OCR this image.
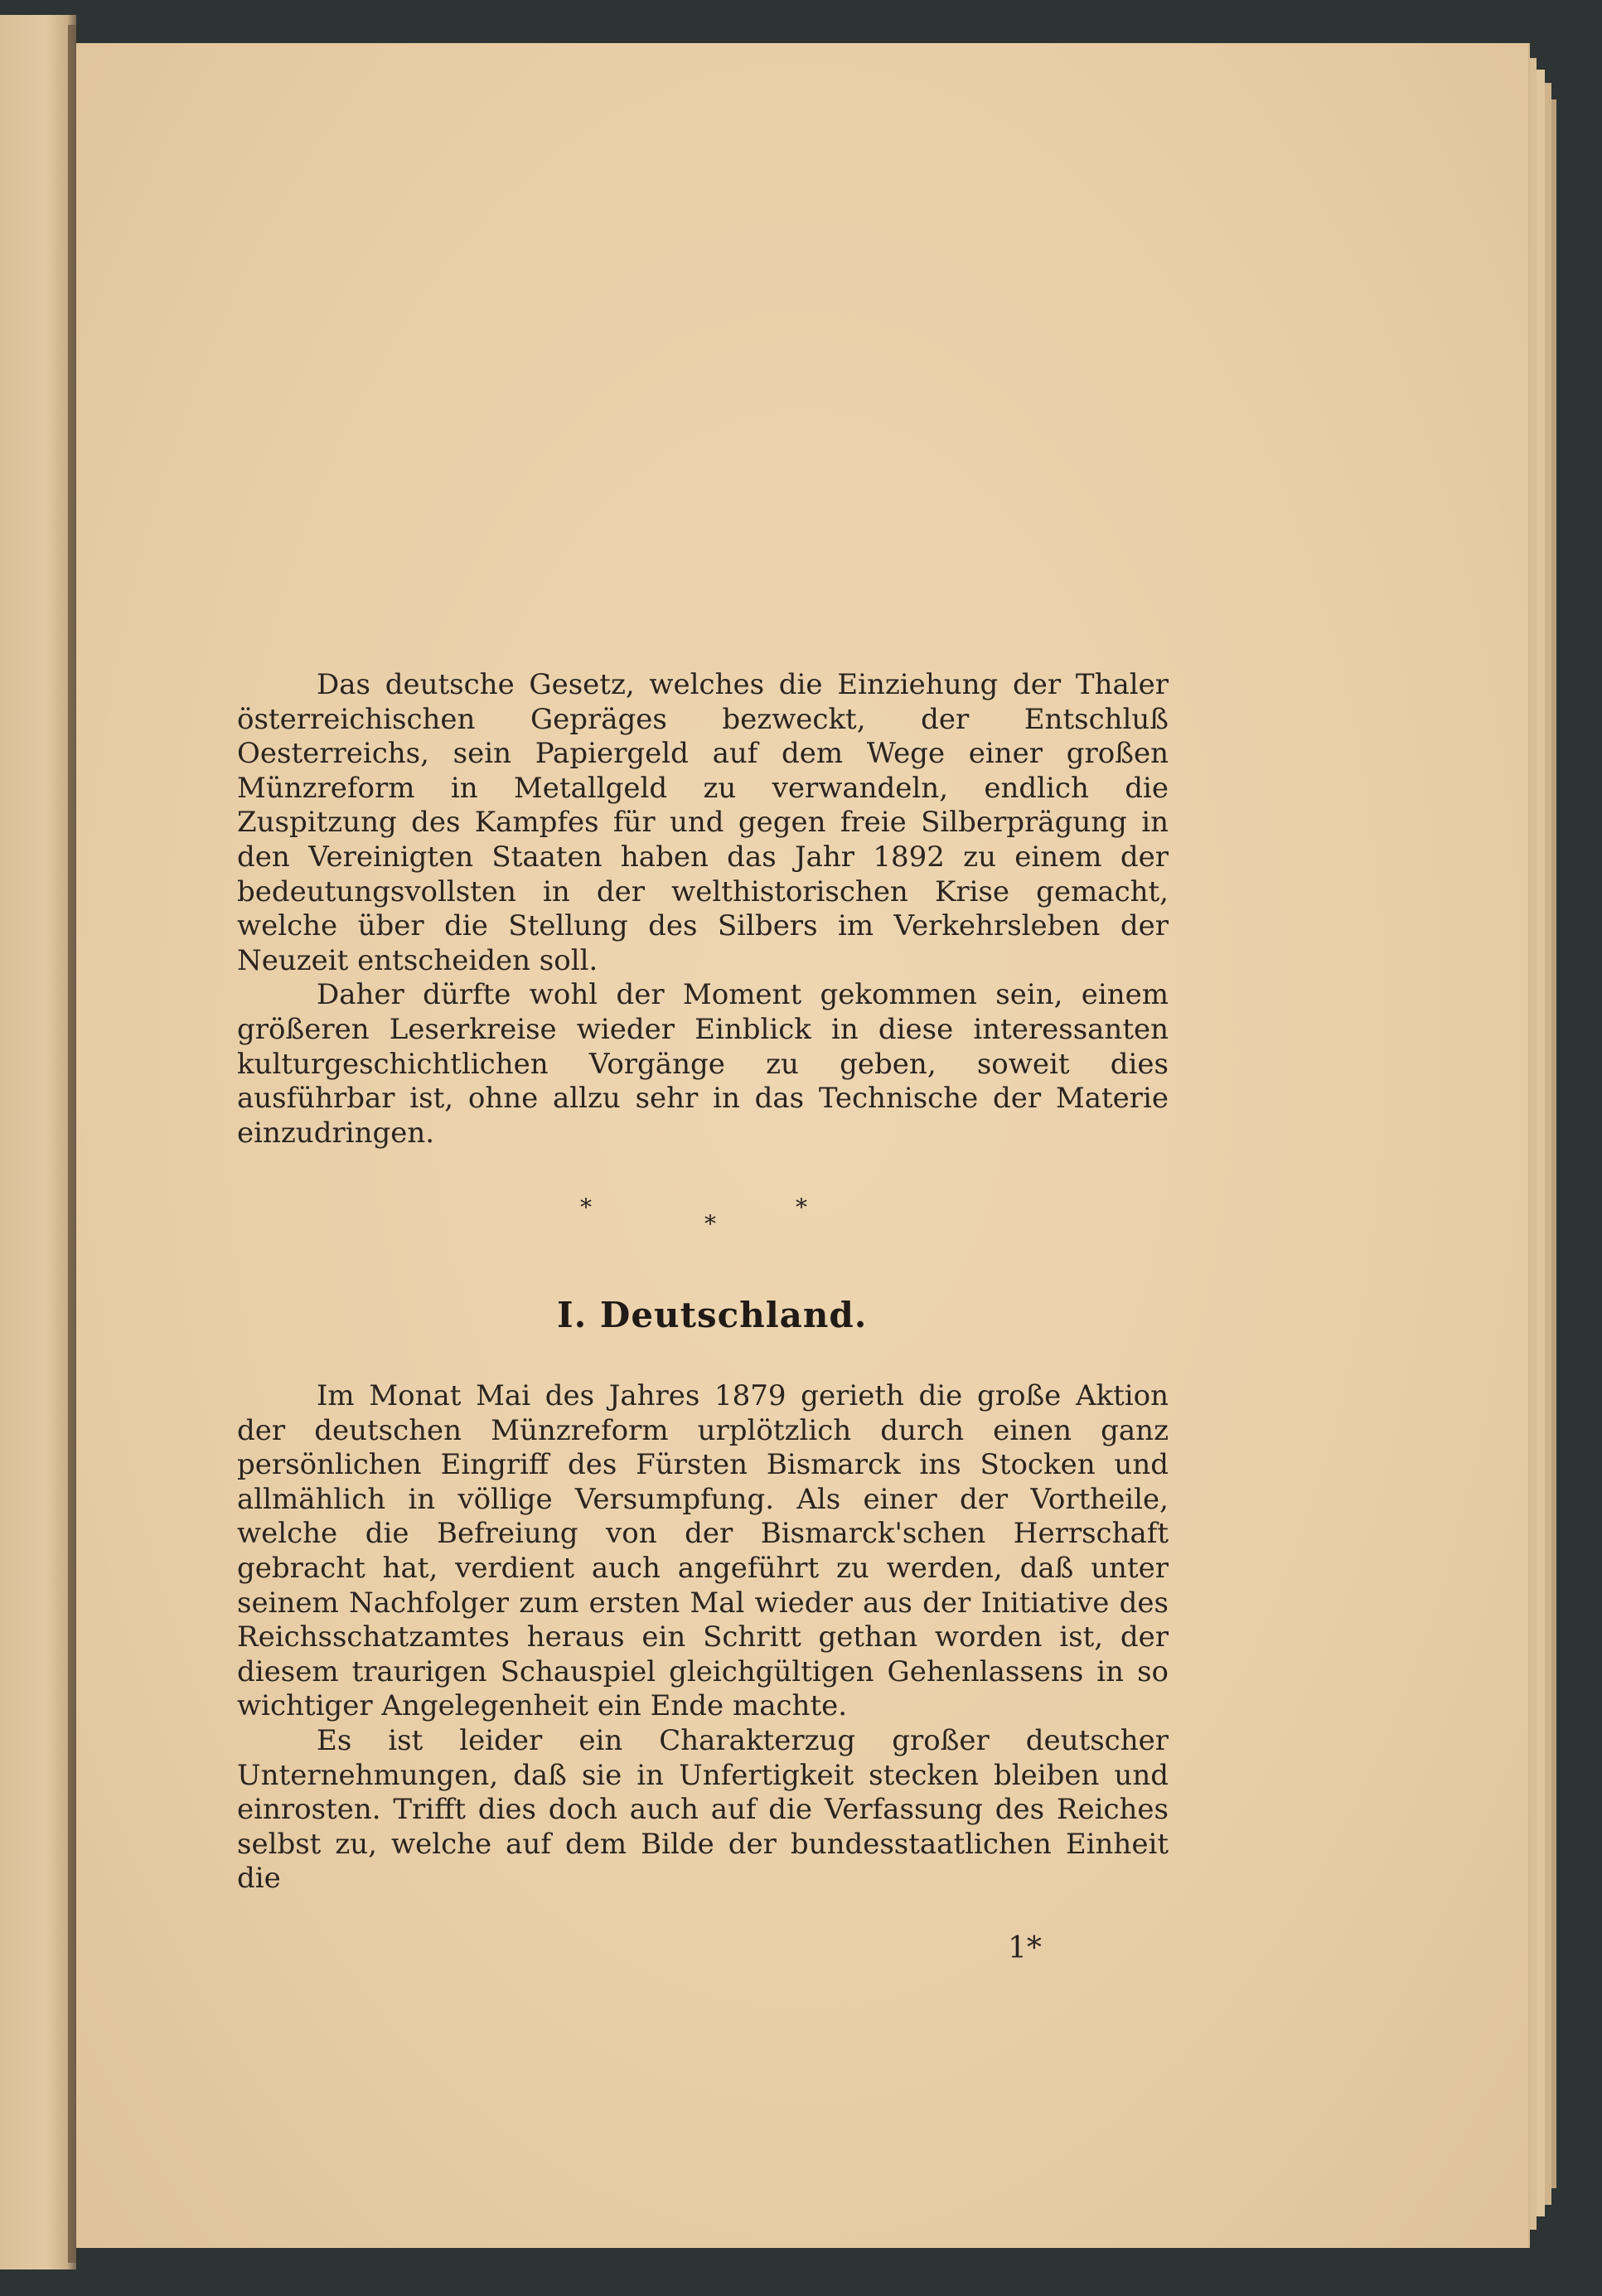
Das deutsche Gesetz, welches die Einziehung der Thaler österreichischen Gepräges bezweckt, der Entschluß Oesterreichs, sein Papiergeld auf dem Wege einer großen Münzreform in Metallgeld zu verwandeln, endlich die Zuspitzung des Kampfes für und gegen freie Silberprägung in den Vereinigten Staaten haben das Jahr 1892 zu einem der bedeutungsvollsten in der welthistorischen Krise gemacht, welche über die Stellung des Silbers im Verkehrsleben der Neuzeit entscheiden soll.

Daher dürfte wohl der Moment gekommen sein, einem größeren Leserkreise wieder Einblick in diese interessanten kulturgeschichtlichen Vorgänge zu geben, soweit dies ausführbar ist, ohne allzu sehr in das Technische der Materie einzudringen.

*
*
*
I. Deutschland.

Im Monat Mai des Jahres 1879 gerieth die große Aktion der deutschen Münzreform urplötzlich durch einen ganz persönlichen Eingriff des Fürsten Bismarck ins Stocken und allmählich in völlige Versumpfung. Als einer der Vortheile, welche die Befreiung von der Bismarck'schen Herrschaft gebracht hat, verdient auch angeführt zu werden, daß unter seinem Nachfolger zum ersten Mal wieder aus der Initiative des Reichsschatzamtes heraus ein Schritt gethan worden ist, der diesem traurigen Schauspiel gleichgültigen Gehenlassens in so wichtiger Angelegenheit ein Ende machte.

Es ist leider ein Charakterzug großer deutscher Unternehmungen, daß sie in Unfertigkeit stecken bleiben und einrosten. Trifft dies doch auch auf die Verfassung des Reiches selbst zu, welche auf dem Bilde der bundesstaatlichen Einheit die

1*
